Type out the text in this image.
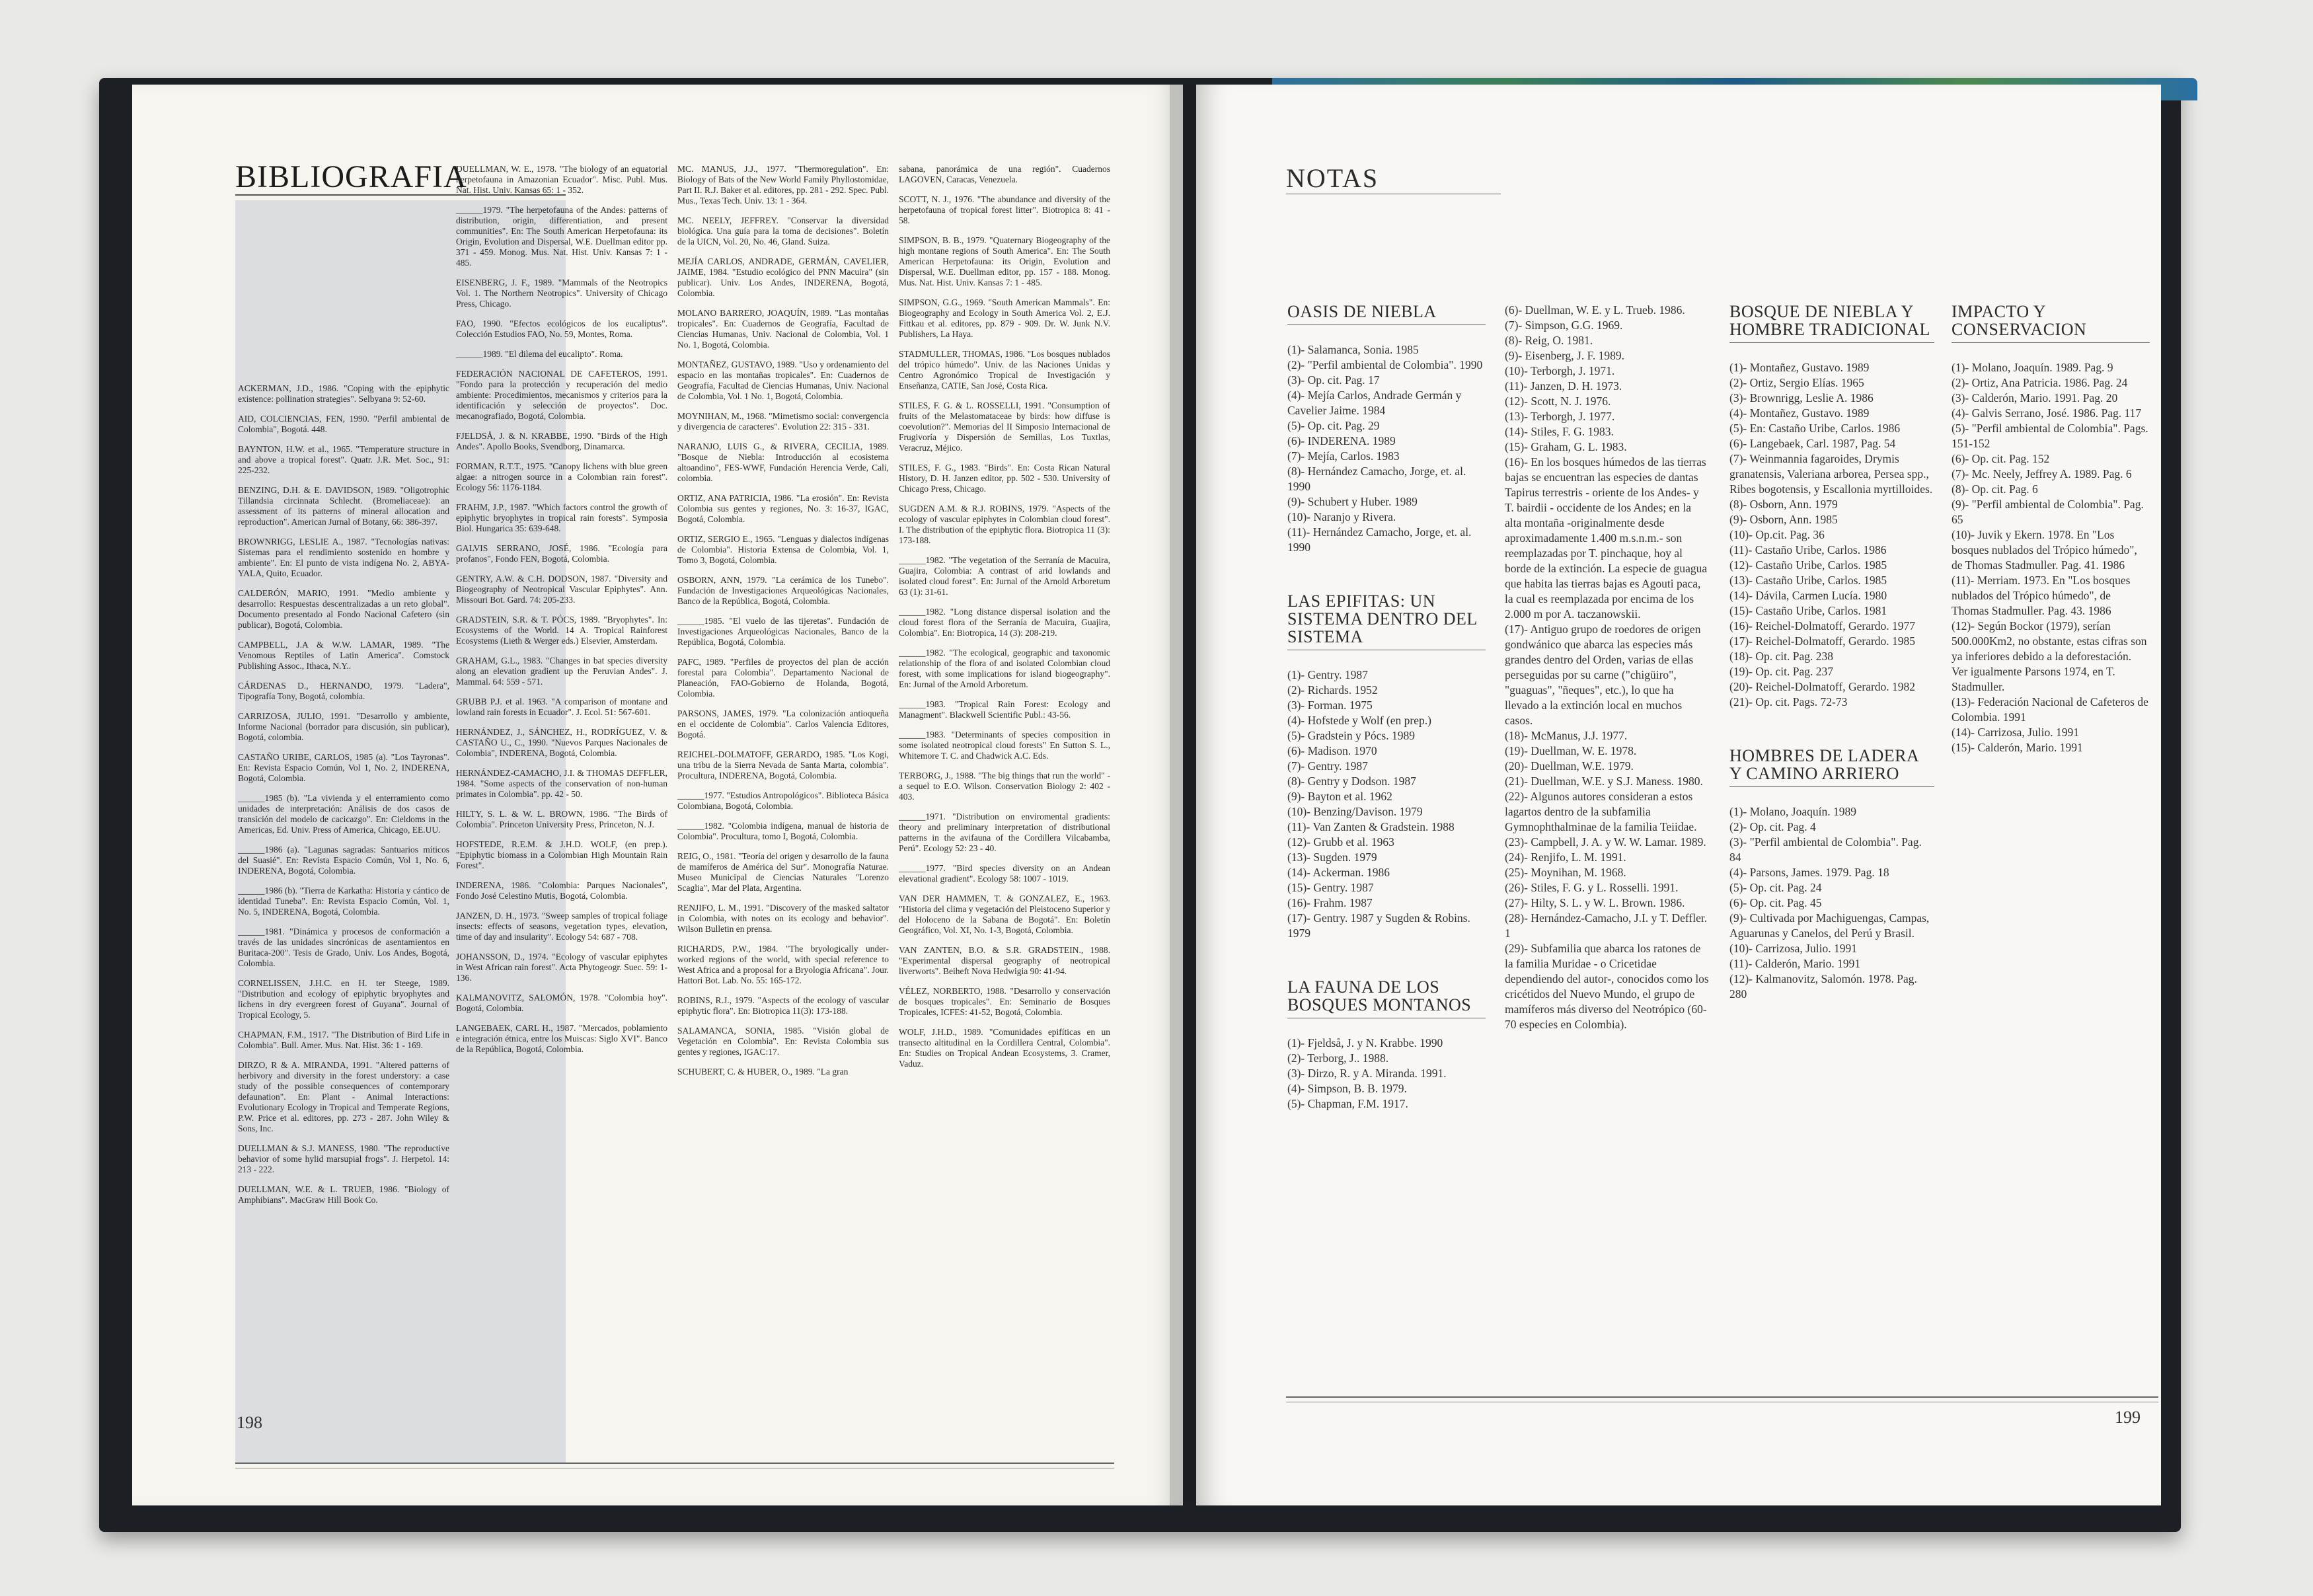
BIBLIOGRAFIA

ACKERMAN, J.D., 1986. "Coping with the epiphytic existence: pollination strategies". Selbyana 9: 52-60.

AID, COLCIENCIAS, FEN, 1990. "Perfil ambiental de Colombia", Bogotá. 448.

BAYNTON, H.W. et al., 1965. "Temperature structure in and above a tropical forest". Quatr. J.R. Met. Soc., 91: 225-232.

BENZING, D.H. & E. DAVIDSON, 1989. "Oligotrophic Tillandsia circinnata Schlecht. (Bromeliaceae): an assessment of its patterns of mineral allocation and reproduction". American Jurnal of Botany, 66: 386-397.

BROWNRIGG, LESLIE A., 1987. "Tecnologías nativas: Sistemas para el rendimiento sostenido en hombre y ambiente". En: El punto de vista indígena No. 2, ABYA-YALA, Quito, Ecuador.

CALDERÓN, MARIO, 1991. "Medio ambiente y desarrollo: Respuestas descentralizadas a un reto global". Documento presentado al Fondo Nacional Cafetero (sin publicar), Bogotá, Colombia.

CAMPBELL, J.A & W.W. LAMAR, 1989. "The Venomous Reptiles of Latin America". Comstock Publishing Assoc., Ithaca, N.Y..

CÁRDENAS D., HERNANDO, 1979. "Ladera", Tipografía Tony, Bogotá, colombia.

CARRIZOSA, JULIO, 1991. "Desarrollo y ambiente, Informe Nacional (borrador para discusión, sin publicar), Bogotá, colombia.

CASTAÑO URIBE, CARLOS, 1985 (a). "Los Tayronas". En: Revista Espacio Común, Vol 1, No. 2, INDERENA, Bogotá, Colombia.

______1985 (b). "La vivienda y el enterramiento como unidades de interpretación: Análisis de dos casos de transición del modelo de cacicazgo". En: Cieldoms in the Americas, Ed. Univ. Press of America, Chicago, EE.UU.

______1986 (a). "Lagunas sagradas: Santuarios míticos del Suasié". En: Revista Espacio Común, Vol 1, No. 6, INDERENA, Bogotá, Colombia.

______1986 (b). "Tierra de Karkatha: Historia y cántico de identidad Tuneba". En: Revista Espacio Común, Vol. 1, No. 5, INDERENA, Bogotá, Colombia.

______1981. "Dinámica y procesos de conformación a través de las unidades sincrónicas de asentamientos en Buritaca-200". Tesis de Grado, Univ. Los Andes, Bogotá, Colombia.

CORNELISSEN, J.H.C. en H. ter Steege, 1989. "Distribution and ecology of epiphytic bryophytes and lichens in dry evergreen forest of Guyana". Journal of Tropical Ecology, 5.

CHAPMAN, F.M., 1917. "The Distribution of Bird Life in Colombia". Bull. Amer. Mus. Nat. Hist. 36: 1 - 169.

DIRZO, R & A. MIRANDA, 1991. "Altered patterns of herbivory and diversity in the forest understory: a case study of the possible consequences of contemporary defaunation". En: Plant - Animal Interactions: Evolutionary Ecology in Tropical and Temperate Regions, P.W. Price et al. editores, pp. 273 - 287. John Wiley & Sons, Inc.

DUELLMAN & S.J. MANESS, 1980. "The reproductive behavior of some hylid marsupial frogs". J. Herpetol. 14: 213 - 222.

DUELLMAN, W.E. & L. TRUEB, 1986. "Biology of Amphibians". MacGraw Hill Book Co.

DUELLMAN, W. E., 1978. "The biology of an equatorial herpetofauna in Amazonian Ecuador". Misc. Publ. Mus. Nat. Hist. Univ. Kansas 65: 1 - 352.

______1979. "The herpetofauna of the Andes: patterns of distribution, origin, differentiation, and present communities". En: The South American Herpetofauna: its Origin, Evolution and Dispersal, W.E. Duellman editor pp. 371 - 459. Monog. Mus. Nat. Hist. Univ. Kansas 7: 1 - 485.

EISENBERG, J. F., 1989. "Mammals of the Neotropics Vol. 1. The Northern Neotropics". University of Chicago Press, Chicago.

FAO, 1990. "Efectos ecológicos de los eucaliptus". Colección Estudios FAO, No. 59, Montes, Roma.

______1989. "El dilema del eucalipto". Roma.

FEDERACIÓN NACIONAL DE CAFETEROS, 1991. "Fondo para la protección y recuperación del medio ambiente: Procedimientos, mecanismos y criterios para la identificación y selección de proyectos". Doc. mecanografiado, Bogotá, Colombia.

FJELDSÅ, J. & N. KRABBE, 1990. "Birds of the High Andes". Apollo Books, Svendborg, Dinamarca.

FORMAN, R.T.T., 1975. "Canopy lichens with blue green algae: a nitrogen source in a Colombian rain forest". Ecology 56: 1176-1184.

FRAHM, J.P., 1987. "Which factors control the growth of epiphytic bryophytes in tropical rain forests". Symposia Biol. Hungarica 35: 639-648.

GALVIS SERRANO, JOSÉ, 1986. "Ecología para profanos", Fondo FEN, Bogotá, Colombia.

GENTRY, A.W. & C.H. DODSON, 1987. "Diversity and Biogeography of Neotropical Vascular Epiphytes". Ann. Missouri Bot. Gard. 74: 205-233.

GRADSTEIN, S.R. & T. PÓCS, 1989. "Bryophytes". In: Ecosystems of the World. 14 A. Tropical Rainforest Ecosystems (Lieth & Werger eds.) Elsevier, Amsterdam.

GRAHAM, G.L., 1983. "Changes in bat species diversity along an elevation gradient up the Peruvian Andes". J. Mammal. 64: 559 - 571.

GRUBB P.J. et al. 1963. "A comparison of montane and lowland rain forests in Ecuador". J. Ecol. 51: 567-601.

HERNÁNDEZ, J., SÁNCHEZ, H., RODRÍGUEZ, V. & CASTAÑO U., C., 1990. "Nuevos Parques Nacionales de Colombia", INDERENA, Bogotá, Colombia.

HERNÁNDEZ-CAMACHO, J.I. & THOMAS DEFFLER, 1984. "Some aspects of the conservation of non-human primates in Colombia". pp. 42 - 50.

HILTY, S. L. & W. L. BROWN, 1986. "The Birds of Colombia". Princeton University Press, Princeton, N. J.

HOFSTEDE, R.E.M. & J.H.D. WOLF, (en prep.). "Epiphytic biomass in a Colombian High Mountain Rain Forest".

INDERENA, 1986. "Colombia: Parques Nacionales", Fondo José Celestino Mutis, Bogotá, Colombia.

JANZEN, D. H., 1973. "Sweep samples of tropical foliage insects: effects of seasons, vegetation types, elevation, time of day and insularity". Ecology 54: 687 - 708.

JOHANSSON, D., 1974. "Ecology of vascular epiphytes in West African rain forest". Acta Phytogeogr. Suec. 59: 1-136.

KALMANOVITZ, SALOMÓN, 1978. "Colombia hoy". Bogotá, Colombia.

LANGEBAEK, CARL H., 1987. "Mercados, poblamiento e integración étnica, entre los Muiscas: Siglo XVI". Banco de la República, Bogotá, Colombia.

MC. MANUS, J.J., 1977. "Thermoregulation". En: Biology of Bats of the New World Family Phyllostomidae, Part II. R.J. Baker et al. editores, pp. 281 - 292. Spec. Publ. Mus., Texas Tech. Univ. 13: 1 - 364.

MC. NEELY, JEFFREY. "Conservar la diversidad biológica. Una guía para la toma de decisiones". Boletín de la UICN, Vol. 20, No. 46, Gland. Suiza.

MEJÍA CARLOS, ANDRADE, GERMÁN, CAVELIER, JAIME, 1984. "Estudio ecológico del PNN Macuira" (sin publicar). Univ. Los Andes, INDERENA, Bogotá, Colombia.

MOLANO BARRERO, JOAQUÍN, 1989. "Las montañas tropicales". En: Cuadernos de Geografía, Facultad de Ciencias Humanas, Univ. Nacional de Colombia, Vol. 1 No. 1, Bogotá, Colombia.

MONTAÑEZ, GUSTAVO, 1989. "Uso y ordenamiento del espacio en las montañas tropicales". En: Cuadernos de Geografía, Facultad de Ciencias Humanas, Univ. Nacional de Colombia, Vol. 1 No. 1, Bogotá, Colombia.

MOYNIHAN, M., 1968. "Mimetismo social: convergencia y divergencia de caracteres". Evolution 22: 315 - 331.

NARANJO, LUIS G., & RIVERA, CECILIA, 1989. "Bosque de Niebla: Introducción al ecosistema altoandino", FES-WWF, Fundación Herencia Verde, Cali, colombia.

ORTIZ, ANA PATRICIA, 1986. "La erosión". En: Revista Colombia sus gentes y regiones, No. 3: 16-37, IGAC, Bogotá, Colombia.

ORTIZ, SERGIO E., 1965. "Lenguas y dialectos indígenas de Colombia". Historia Extensa de Colombia, Vol. 1, Tomo 3, Bogotá, Colombia.

OSBORN, ANN, 1979. "La cerámica de los Tunebo". Fundación de Investigaciones Arqueológicas Nacionales, Banco de la República, Bogotá, Colombia.

______1985. "El vuelo de las tijeretas". Fundación de Investigaciones Arqueológicas Nacionales, Banco de la República, Bogotá, Colombia.

PAFC, 1989. "Perfiles de proyectos del plan de acción forestal para Colombia". Departamento Nacional de Planeación, FAO-Gobierno de Holanda, Bogotá, Colombia.

PARSONS, JAMES, 1979. "La colonización antioqueña en el occidente de Colombia". Carlos Valencia Editores, Bogotá.

REICHEL-DOLMATOFF, GERARDO, 1985. "Los Kogi, una tribu de la Sierra Nevada de Santa Marta, colombia". Procultura, INDERENA, Bogotá, Colombia.

______1977. "Estudios Antropológicos". Biblioteca Básica Colombiana, Bogotá, Colombia.

______1982. "Colombia indígena, manual de historia de Colombia". Procultura, tomo I, Bogotá, Colombia.

REIG, O., 1981. "Teoría del origen y desarrollo de la fauna de mamíferos de América del Sur". Monografía Naturae. Museo Municipal de Ciencias Naturales "Lorenzo Scaglia", Mar del Plata, Argentina.

RENJIFO, L. M., 1991. "Discovery of the masked saltator in Colombia, with notes on its ecology and behavior". Wilson Bulletin en prensa.

RICHARDS, P.W., 1984. "The bryologically under-worked regions of the world, with special reference to West Africa and a proposal for a Bryologia Africana". Jour. Hattori Bot. Lab. No. 55: 165-172.

ROBINS, R.J., 1979. "Aspects of the ecology of vascular epiphytic flora". En: Biotropica 11(3): 173-188.

SALAMANCA, SONIA, 1985. "Visión global de Vegetación en Colombia". En: Revista Colombia sus gentes y regiones, IGAC:17.

SCHUBERT, C. & HUBER, O., 1989. "La gran

sabana, panorámica de una región". Cuadernos LAGOVEN, Caracas, Venezuela.

SCOTT, N. J., 1976. "The abundance and diversity of the herpetofauna of tropical forest litter". Biotropica 8: 41 - 58.

SIMPSON, B. B., 1979. "Quaternary Biogeography of the high montane regions of South America". En: The South American Herpetofauna: its Origin, Evolution and Dispersal, W.E. Duellman editor, pp. 157 - 188. Monog. Mus. Nat. Hist. Univ. Kansas 7: 1 - 485.

SIMPSON, G.G., 1969. "South American Mammals". En: Biogeography and Ecology in South America Vol. 2, E.J. Fittkau et al. editores, pp. 879 - 909. Dr. W. Junk N.V. Publishers, La Haya.

STADMULLER, THOMAS, 1986. "Los bosques nublados del trópico húmedo". Univ. de las Naciones Unidas y Centro Agronómico Tropical de Investigación y Enseñanza, CATIE, San José, Costa Rica.

STILES, F. G. & L. ROSSELLI, 1991. "Consumption of fruits of the Melastomataceae by birds: how diffuse is coevolution?". Memorias del II Simposio Internacional de Frugivoría y Dispersión de Semillas, Los Tuxtlas, Veracruz, Méjico.

STILES, F. G., 1983. "Birds". En: Costa Rican Natural History, D. H. Janzen editor, pp. 502 - 530. University of Chicago Press, Chicago.

SUGDEN A.M. & R.J. ROBINS, 1979. "Aspects of the ecology of vascular epiphytes in Colombian cloud forest". I. The distribution of the epiphytic flora. Biotropica 11 (3): 173-188.

______1982. "The vegetation of the Serranía de Macuira, Guajira, Colombia: A contrast of arid lowlands and isolated cloud forest". En: Jurnal of the Arnold Arboretum 63 (1): 31-61.

______1982. "Long distance dispersal isolation and the cloud forest flora of the Serranía de Macuira, Guajira, Colombia". En: Biotropica, 14 (3): 208-219.

______1982. "The ecological, geographic and taxonomic relationship of the flora of and isolated Colombian cloud forest, with some implications for island biogeography". En: Jurnal of the Arnold Arboretum.

______1983. "Tropical Rain Forest: Ecology and Managment". Blackwell Scientific Publ.: 43-56.

______1983. "Determinants of species composition in some isolated neotropical cloud forests" En Sutton S. L., Whitemore T. C. and Chadwick A.C. Eds.

TERBORG, J., 1988. "The big things that run the world" - a sequel to E.O. Wilson. Conservation Biology 2: 402 - 403.

______1971. "Distribution on enviromental gradients: theory and preliminary interpretation of distributional patterns in the avifauna of the Cordillera Vilcabamba, Perú". Ecology 52: 23 - 40.

______1977. "Bird species diversity on an Andean elevational gradient". Ecology 58: 1007 - 1019.

VAN DER HAMMEN, T. & GONZALEZ, E., 1963. "Historia del clima y vegetación del Pleistoceno Superior y del Holoceno de la Sabana de Bogotá". En: Boletín Geográfico, Vol. XI, No. 1-3, Bogotá, Colombia.

VAN ZANTEN, B.O. & S.R. GRADSTEIN., 1988. "Experimental dispersal geography of neotropical liverworts". Beiheft Nova Hedwigia 90: 41-94.

VÉLEZ, NORBERTO, 1988. "Desarrollo y conservación de bosques tropicales". En: Seminario de Bosques Tropicales, ICFES: 41-52, Bogotá, Colombia.

WOLF, J.H.D., 1989. "Comunidades epifíticas en un transecto altitudinal en la Cordillera Central, Colombia". En: Studies on Tropical Andean Ecosystems, 3. Cramer, Vaduz.

198
NOTAS
OASIS DE NIEBLA

(1)- Salamanca, Sonia. 1985

(2)- "Perfil ambiental de Colombia". 1990

(3)- Op. cit. Pag. 17

(4)- Mejía Carlos, Andrade Germán y Cavelier Jaime. 1984

(5)- Op. cit. Pag. 29

(6)- INDERENA. 1989

(7)- Mejía, Carlos. 1983

(8)- Hernández Camacho, Jorge, et. al. 1990

(9)- Schubert y Huber. 1989

(10)- Naranjo y Rivera.

(11)- Hernández Camacho, Jorge, et. al. 1990

LAS EPIFITAS: UN SISTEMA DENTRO DEL SISTEMA

(1)- Gentry. 1987

(2)- Richards. 1952

(3)- Forman. 1975

(4)- Hofstede y Wolf (en prep.)

(5)- Gradstein y Pócs. 1989

(6)- Madison. 1970

(7)- Gentry. 1987

(8)- Gentry y Dodson. 1987

(9)- Bayton et al. 1962

(10)- Benzing/Davison. 1979

(11)- Van Zanten & Gradstein. 1988

(12)- Grubb et al. 1963

(13)- Sugden. 1979

(14)- Ackerman. 1986

(15)- Gentry. 1987

(16)- Frahm. 1987

(17)- Gentry. 1987 y Sugden & Robins. 1979

LA FAUNA DE LOS BOSQUES MONTANOS

(1)- Fjeldså, J. y N. Krabbe. 1990

(2)- Terborg, J.. 1988.

(3)- Dirzo, R. y A. Miranda. 1991.

(4)- Simpson, B. B. 1979.

(5)- Chapman, F.M. 1917.

(6)- Duellman, W. E. y L. Trueb. 1986.

(7)- Simpson, G.G. 1969.

(8)- Reig, O. 1981.

(9)- Eisenberg, J. F. 1989.

(10)- Terborgh, J. 1971.

(11)- Janzen, D. H. 1973.

(12)- Scott, N. J. 1976.

(13)- Terborgh, J. 1977.

(14)- Stiles, F. G. 1983.

(15)- Graham, G. L. 1983.

(16)- En los bosques húmedos de las tierras bajas se encuentran las especies de dantas Tapirus terrestris - oriente de los Andes- y T. bairdii - occidente de los Andes; en la alta montaña -originalmente desde aproximadamente 1.400 m.s.n.m.- son reemplazadas por T. pinchaque, hoy al borde de la extinción. La especie de guagua que habita las tierras bajas es Agouti paca, la cual es reemplazada por encima de los 2.000 m por A. taczanowskii.

(17)- Antiguo grupo de roedores de origen gondwánico que abarca las especies más grandes dentro del Orden, varias de ellas perseguidas por su carne ("chigüiro", "guaguas", "ñeques", etc.), lo que ha llevado a la extinción local en muchos casos.

(18)- McManus, J.J. 1977.

(19)- Duellman, W. E. 1978.

(20)- Duellman, W.E. 1979.

(21)- Duellman, W.E. y S.J. Maness. 1980.

(22)- Algunos autores consideran a estos lagartos dentro de la subfamilia Gymnophthalminae de la familia Teiidae.

(23)- Campbell, J. A. y W. W. Lamar. 1989.

(24)- Renjifo, L. M. 1991.

(25)- Moynihan, M. 1968.

(26)- Stiles, F. G. y L. Rosselli. 1991.

(27)- Hilty, S. L. y W. L. Brown. 1986.

(28)- Hernández-Camacho, J.I. y T. Deffler. 1

(29)- Subfamilia que abarca los ratones de la familia Muridae - o Cricetidae dependiendo del autor-, conocidos como los cricétidos del Nuevo Mundo, el grupo de mamíferos más diverso del Neotrópico (60-70 especies en Colombia).

BOSQUE DE NIEBLA Y HOMBRE TRADICIONAL

(1)- Montañez, Gustavo. 1989

(2)- Ortiz, Sergio Elías. 1965

(3)- Brownrigg, Leslie A. 1986

(4)- Montañez, Gustavo. 1989

(5)- En: Castaño Uribe, Carlos. 1986

(6)- Langebaek, Carl. 1987, Pag. 54

(7)- Weinmannia fagaroides, Drymis granatensis, Valeriana arborea, Persea spp., Ribes bogotensis, y Escallonia myrtilloides.

(8)- Osborn, Ann. 1979

(9)- Osborn, Ann. 1985

(10)- Op.cit. Pag. 36

(11)- Castaño Uribe, Carlos. 1986

(12)- Castaño Uribe, Carlos. 1985

(13)- Castaño Uribe, Carlos. 1985

(14)- Dávila, Carmen Lucía. 1980

(15)- Castaño Uribe, Carlos. 1981

(16)- Reichel-Dolmatoff, Gerardo. 1977

(17)- Reichel-Dolmatoff, Gerardo. 1985

(18)- Op. cit. Pag. 238

(19)- Op. cit. Pag. 237

(20)- Reichel-Dolmatoff, Gerardo. 1982

(21)- Op. cit. Pags. 72-73

HOMBRES DE LADERA Y CAMINO ARRIERO

(1)- Molano, Joaquín. 1989

(2)- Op. cit. Pag. 4

(3)- "Perfil ambiental de Colombia". Pag. 84

(4)- Parsons, James. 1979. Pag. 18

(5)- Op. cit. Pag. 24

(6)- Op. cit. Pag. 45

(9)- Cultivada por Machiguengas, Campas, Aguarunas y Canelos, del Perú y Brasil.

(10)- Carrizosa, Julio. 1991

(11)- Calderón, Mario. 1991

(12)- Kalmanovitz, Salomón. 1978. Pag. 280

IMPACTO Y CONSERVACION

(1)- Molano, Joaquín. 1989. Pag. 9

(2)- Ortiz, Ana Patricia. 1986. Pag. 24

(3)- Calderón, Mario. 1991. Pag. 20

(4)- Galvis Serrano, José. 1986. Pag. 117

(5)- "Perfil ambiental de Colombia". Pags. 151-152

(6)- Op. cit. Pag. 152

(7)- Mc. Neely, Jeffrey A. 1989. Pag. 6

(8)- Op. cit. Pag. 6

(9)- "Perfil ambiental de Colombia". Pag. 65

(10)- Juvik y Ekern. 1978. En "Los bosques nublados del Trópico húmedo", de Thomas Stadmuller. Pag. 41. 1986

(11)- Merriam. 1973. En "Los bosques nublados del Trópico húmedo", de Thomas Stadmuller. Pag. 43. 1986

(12)- Según Bockor (1979), serían 500.000Km2, no obstante, estas cifras son ya inferiores debido a la deforestación. Ver igualmente Parsons 1974, en T. Stadmuller.

(13)- Federación Nacional de Cafeteros de Colombia. 1991

(14)- Carrizosa, Julio. 1991

(15)- Calderón, Mario. 1991

199
